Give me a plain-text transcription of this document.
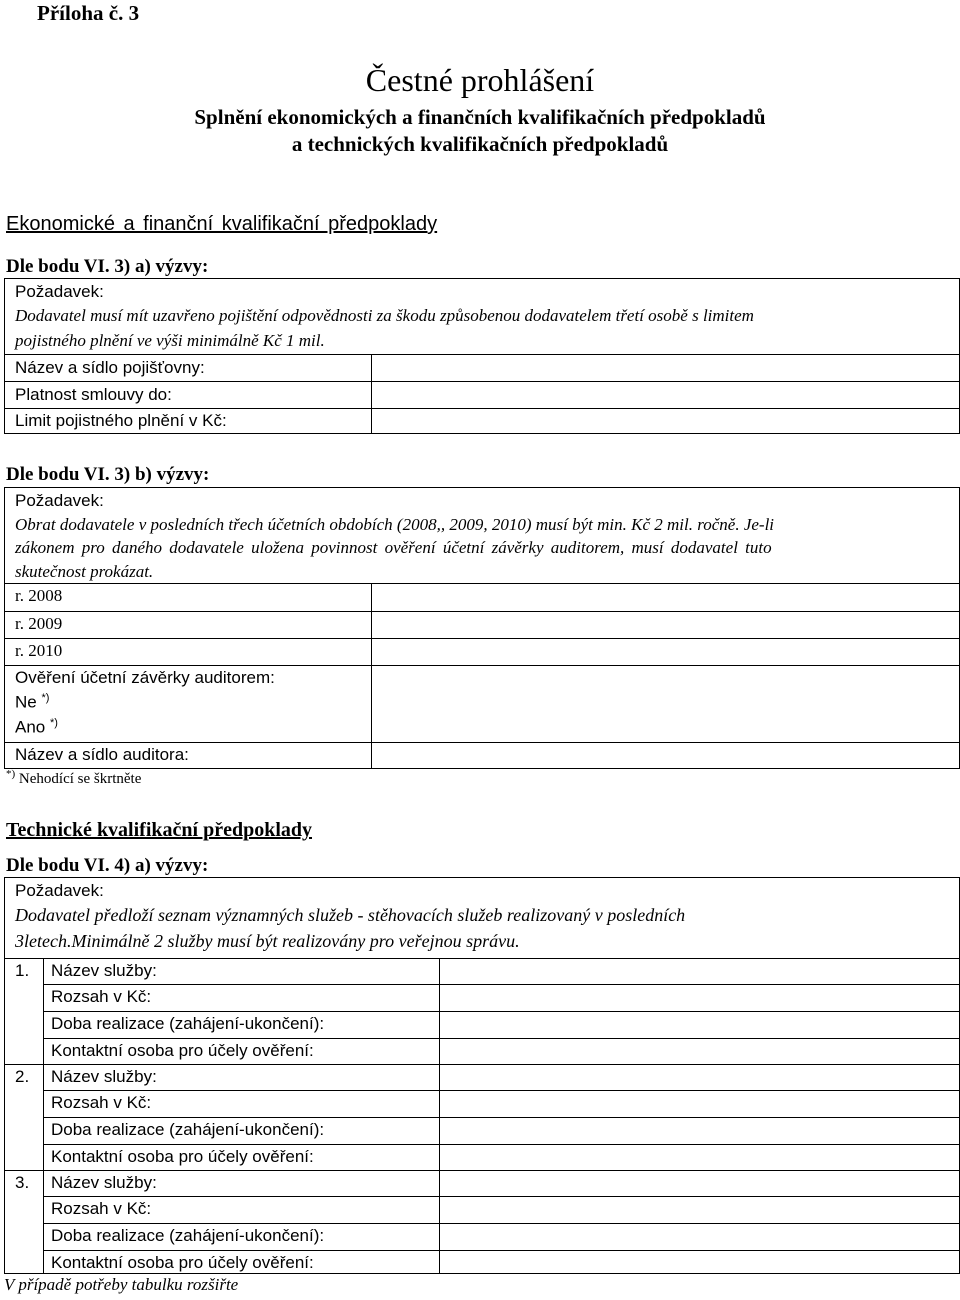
Příloha č. 3
Čestné prohlášení
Splnění ekonomických a finančních kvalifikačních předpokladů
a technických kvalifikačních předpokladů
Ekonomické a finanční kvalifikační předpoklady
Dle bodu VI. 3) a) výzvy:
Požadavek:
Dodavatel musí mít uzavřeno pojištění odpovědnosti za škodu způsobenou dodavatelem třetí osobě s limitem
pojistného plnění ve výši minimálně Kč 1 mil.
Název a sídlo pojišťovny:
Platnost smlouvy do:
Limit pojistného plnění v Kč:
Dle bodu VI. 3) b) výzvy:
Požadavek:
Obrat dodavatele v posledních třech účetních obdobích (2008,, 2009, 2010) musí být min. Kč 2 mil. ročně. Je-li
zákonem pro daného dodavatele uložena povinnost ověření účetní závěrky auditorem, musí dodavatel tuto
skutečnost prokázat.
r. 2008
r. 2009
r. 2010
Ověření účetní závěrky auditorem:
Ne *)
Ano *)
Název a sídlo auditora:
*) Nehodící se škrtněte
Technické kvalifikační předpoklady
Dle bodu VI. 4) a) výzvy:
Požadavek:
Dodavatel předloží seznam významných služeb - stěhovacích služeb realizovaný v posledních
3letech.Minimálně 2 služby musí být realizovány pro veřejnou správu.
1. Název služby:
Rozsah v Kč:
Doba realizace (zahájení-ukončení):
Kontaktní osoba pro účely ověření:
2. Název služby:
Rozsah v Kč:
Doba realizace (zahájení-ukončení):
Kontaktní osoba pro účely ověření:
3. Název služby:
Rozsah v Kč:
Doba realizace (zahájení-ukončení):
Kontaktní osoba pro účely ověření:
V případě potřeby tabulku rozšiřte
